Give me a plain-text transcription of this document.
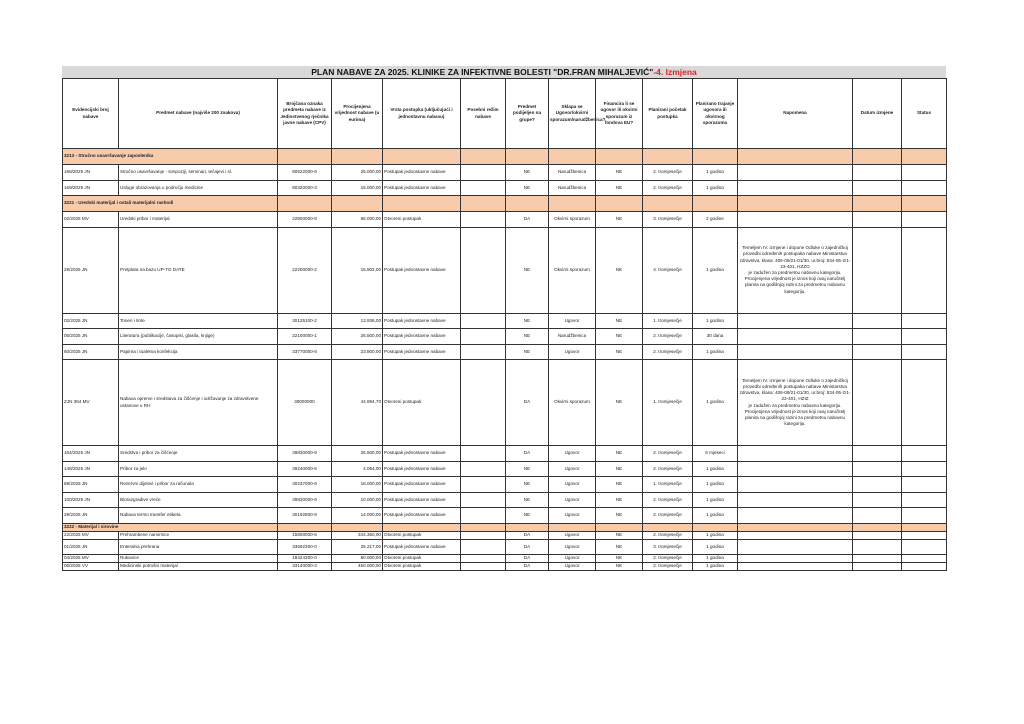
PLAN NABAVE ZA 2025. KLINIKE ZA INFEKTIVNE BOLESTI "DR.FRAN MIHALJEVIĆ"-4. Izmjena
Evidencijski broj nabave	Predmet nabave (najviše 200 znakova)	Brojčana oznaka predmeta nabave iz Jedinstvenog rječnika javne nabave (CPV)	Procijenjena vrijednost nabave (u eurima)	Vrsta postupka (uključujući i jednostavnu nabavu)	Posebni režim nabave	Predmet podijeljen na grupe?	Sklapa se Ugovor/okvirni sporazum/narudžbenica?	Financira li se ugovor ili okvirni sporazum iz fondova EU?	Planirani početak postupka	Planirano trajanje ugovora ili okvirnog sporazuma	Napomena	Datum izmjene	Status
3213 - Stručno usavršavanje zaposlenika													
168/2025 JN	Stručno usavršavanje - simpoziji, seminari, tečajevi i sl.	80522000-9	25.000,00	Postupak jednostavne nabave		NE	Narudžbenica	NE	2. tromjesečje	1 godina			
169/2025 JN	Usluge obrazovanja u području medicine	80320000-3	15.000,00	Postupak jednostavne nabave		NE	Narudžbenica	NE	2. tromjesečje	1 godina			
3221 - Uredski materijal i ostali materijalni rashodi													
02/2025 MV	Uredski pribor i materijal	22800000-8	66.000,00	Otvoreni postupak		DA	Okvirni sporazum	NE	3. tromjesečje	2 godine			
28/2025 JN	Pretplata na bazu UP-TO DATE	22200000-2	15.902,00	Postupak jednostavne nabave		NE	Okvirni sporazum	NE	4. tromjesečje	1 godina	Temeljem IV. izmjene i dopune Odluke o zajedničkoj provedbi određenih postupaka nabave Ministarstva zdravstva, klasa: 406-09/21-01/30, ur.broj: 534-05-2/1-23-401, HZZO
je zadužen za predmetnu nabavnu kategoriju. Procijenjena vrijednost je iznos koji ovaj naručitelj planira na godišnjoj razini za predmetnu nabavnu kategoriju.		
02/2025 JN	Toneri i tinte	30125100-2	13.936,00	Postupak jednostavne nabave		NE	Ugovor	NE	1. tromjesečje	1 godina			
05/2025 JN	Literatura (publikacije, časopisi, glasila, knjige)	22100000-1	26.500,00	Postupak jednostavne nabave		NE	Narudžbenica	NE	2. tromjesečje	30 dana			
60/2025 JN	Papirna i toaletna konfekcija	33770000-8	23.800,00	Postupak jednostavne nabave		NE	Ugovor	NE	2. tromjesečje	1 godina			
ZJN 364 MV	Nabava opreme i sredstava za čišćenje i održavanje za zdravstvene ustanove u RH	39000000	44.994,70	Otvoreni postupak		DA	Okvirni sporazum	NE	1. tromjesečje	1 godina	Temeljem IV. izmjene i dopune Odluke o zajedničkoj provedbi određenih postupaka nabave Ministarstva zdravstva, klasa: 406-09/21-01/30, ur.broj: 534-05-2/1-23-401, HZIZ
je zadužen za predmetnu nabavnu kategoriju. Procijenjena vrijednost je iznos koji ovaj naručitelj planira na godišnjoj razini za predmetnu nabavnu kategoriju.		
164/2025 JN	Sredstva i pribor za čišćenje	39830000-9	26.500,00	Postupak jednostavne nabave		DA	Ugovor	NE	2. tromjesečje	6 mjeseci			
148/2025 JN	Pribor za jelo	39240000-6	4.064,00	Postupak jednostavne nabave		NE	Ugovor	NE	2. tromjesečje	1 godina			
69/2025 JN	Rezervni dijelovi i pribor za računala	30237000-9	18.000,00	Postupak jednostavne nabave		NE	Ugovor	NE	1. tromjesečje	1 godina			
100/2025 JN	Biorazgradive vreće	39830000-9	10.000,00	Postupak jednostavne nabave		NE	Ugovor	NE	2. tromjesečje	1 godina			
29/2025 JN	Nabava termo transfer etiketa	30192800-9	14.000,00	Postupak jednostavne nabave		NE	Ugovor	NE	2. tromjesečje	1 godina			
3222 - Materijal i sirovine													
22/2025 MV	Prehrambene namirnice	15800000-6	344.350,00	Otvoreni postupak		DA	Ugovor	NE	2. tromjesečje	1 godina			
01/2025 JN	Enteralna prehrana	33692300-0	25.217,00	Postupak jednostavne nabave		DA	Ugovor	NE	3. tromjesečje	1 godina			
04/2025 MV	Rukavice	18424300-0	80.000,00	Otvoreni postupak		DA	Ugovor	NE	2. tromjesečje	1 godina			
06/2025 VV	Medicinski potrošni materijal	33140000-3	450.000,00	Otvoreni postupak		DA	Ugovor	NE	2. tromjesečje	1 godina			
